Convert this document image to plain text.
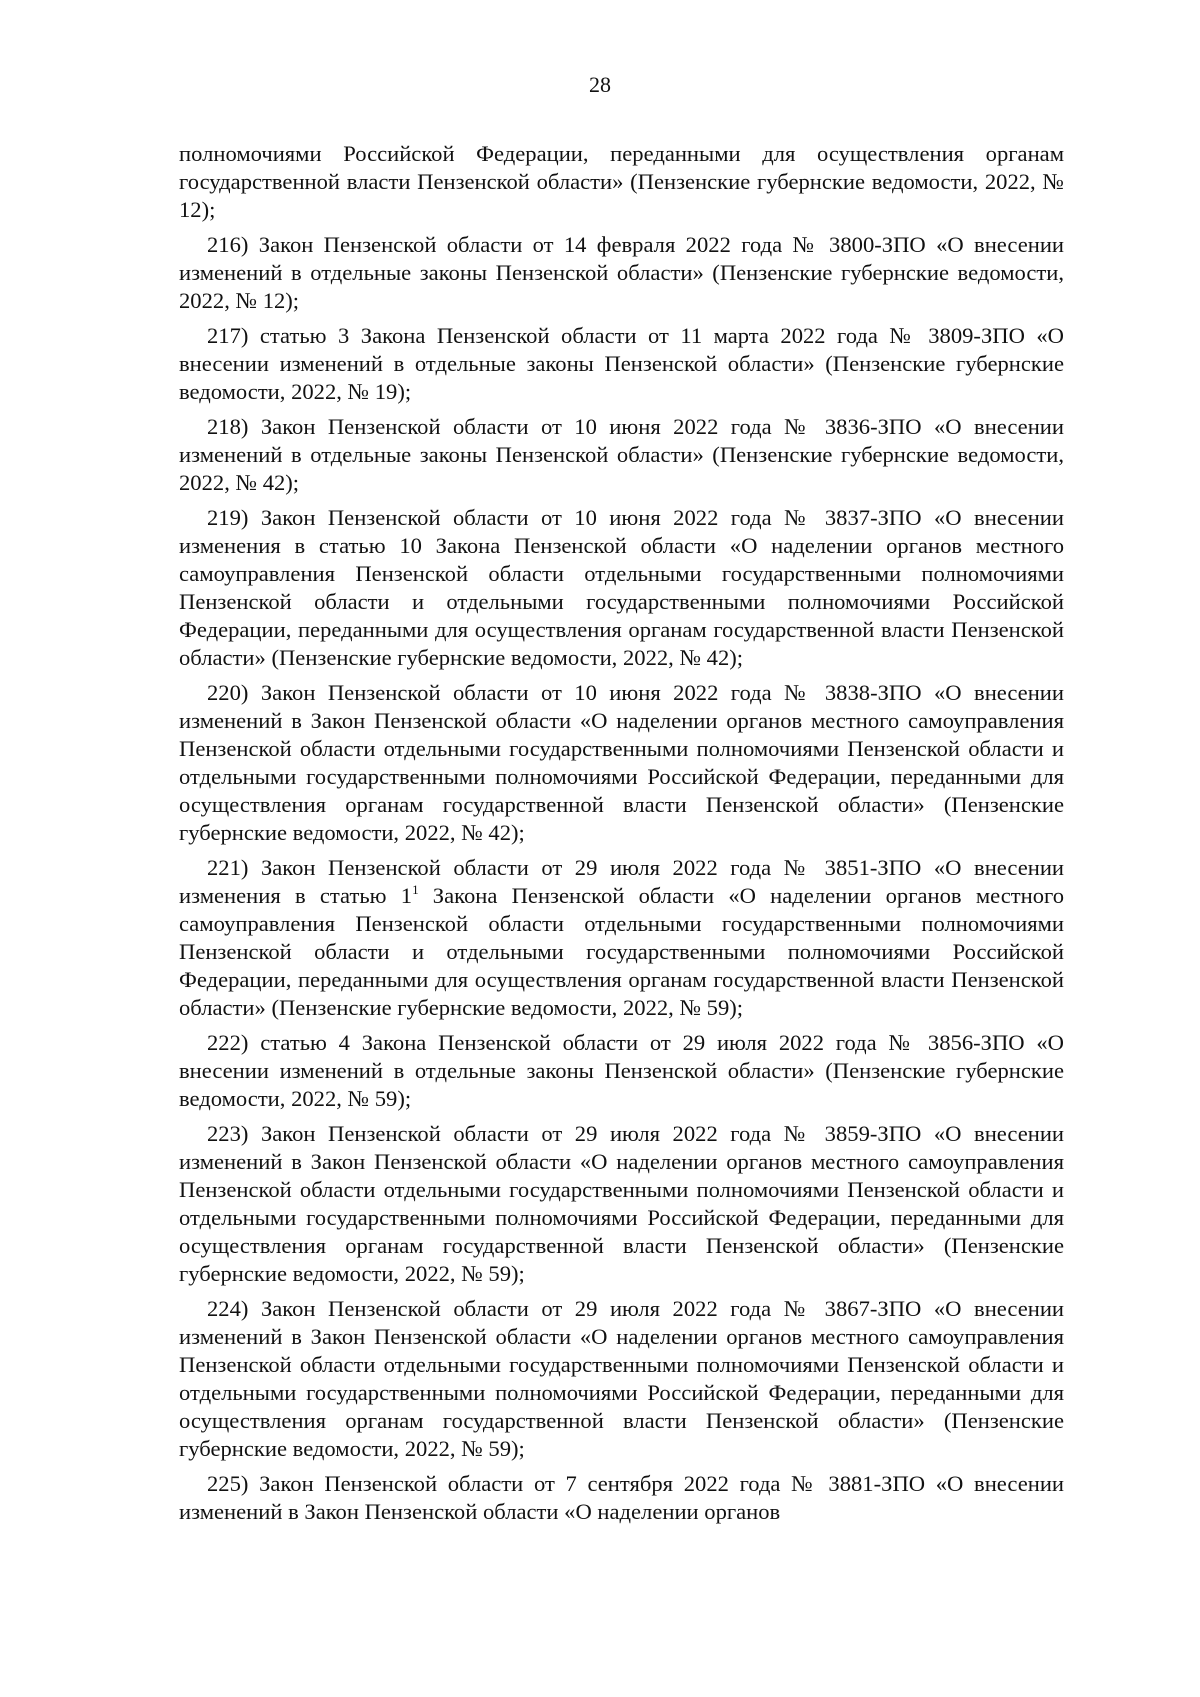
28

полномочиями Российской Федерации, переданными для осуществления органам государственной власти Пензенской области» (Пензенские губернские ведомости, 2022, № 12);

216) Закон Пензенской области от 14 февраля 2022 года № 3800-ЗПО «О внесении изменений в отдельные законы Пензенской области» (Пензенские губернские ведомости, 2022, № 12);

217) статью 3 Закона Пензенской области от 11 марта 2022 года № 3809-ЗПО «О внесении изменений в отдельные законы Пензенской области» (Пензенские губернские ведомости, 2022, № 19);

218) Закон Пензенской области от 10 июня 2022 года № 3836-ЗПО «О внесении изменений в отдельные законы Пензенской области» (Пензенские губернские ведомости, 2022, № 42);

219) Закон Пензенской области от 10 июня 2022 года № 3837-ЗПО «О внесении изменения в статью 10 Закона Пензенской области «О наделении органов местного самоуправления Пензенской области отдельными государственными полномочиями Пензенской области и отдельными государственными полномочиями Российской Федерации, переданными для осуществления органам государственной власти Пензенской области» (Пензенские губернские ведомости, 2022, № 42);

220) Закон Пензенской области от 10 июня 2022 года № 3838-ЗПО «О внесении изменений в Закон Пензенской области «О наделении органов местного самоуправления Пензенской области отдельными государственными полномочиями Пензенской области и отдельными государственными полномочиями Российской Федерации, переданными для осуществления органам государственной власти Пензенской области» (Пензенские губернские ведомости, 2022, № 42);

221) Закон Пензенской области от 29 июля 2022 года № 3851-ЗПО «О внесении изменения в статью $1^1$ Закона Пензенской области «О наделении органов местного самоуправления Пензенской области отдельными государственными полномочиями Пензенской области и отдельными государственными полномочиями Российской Федерации, переданными для осуществления органам государственной власти Пензенской области» (Пензенские губернские ведомости, 2022, № 59);

222) статью 4 Закона Пензенской области от 29 июля 2022 года № 3856-ЗПО «О внесении изменений в отдельные законы Пензенской области» (Пензенские губернские ведомости, 2022, № 59);

223) Закон Пензенской области от 29 июля 2022 года № 3859-ЗПО «О внесении изменений в Закон Пензенской области «О наделении органов местного самоуправления Пензенской области отдельными государственными полномочиями Пензенской области и отдельными государственными полномочиями Российской Федерации, переданными для осуществления органам государственной власти Пензенской области» (Пензенские губернские ведомости, 2022, № 59);

224) Закон Пензенской области от 29 июля 2022 года № 3867-ЗПО «О внесении изменений в Закон Пензенской области «О наделении органов местного самоуправления Пензенской области отдельными государственными полномочиями Пензенской области и отдельными государственными полномочиями Российской Федерации, переданными для осуществления органам государственной власти Пензенской области» (Пензенские губернские ведомости, 2022, № 59);

225) Закон Пензенской области от 7 сентября 2022 года № 3881-ЗПО «О внесении изменений в Закон Пензенской области «О наделении органов
